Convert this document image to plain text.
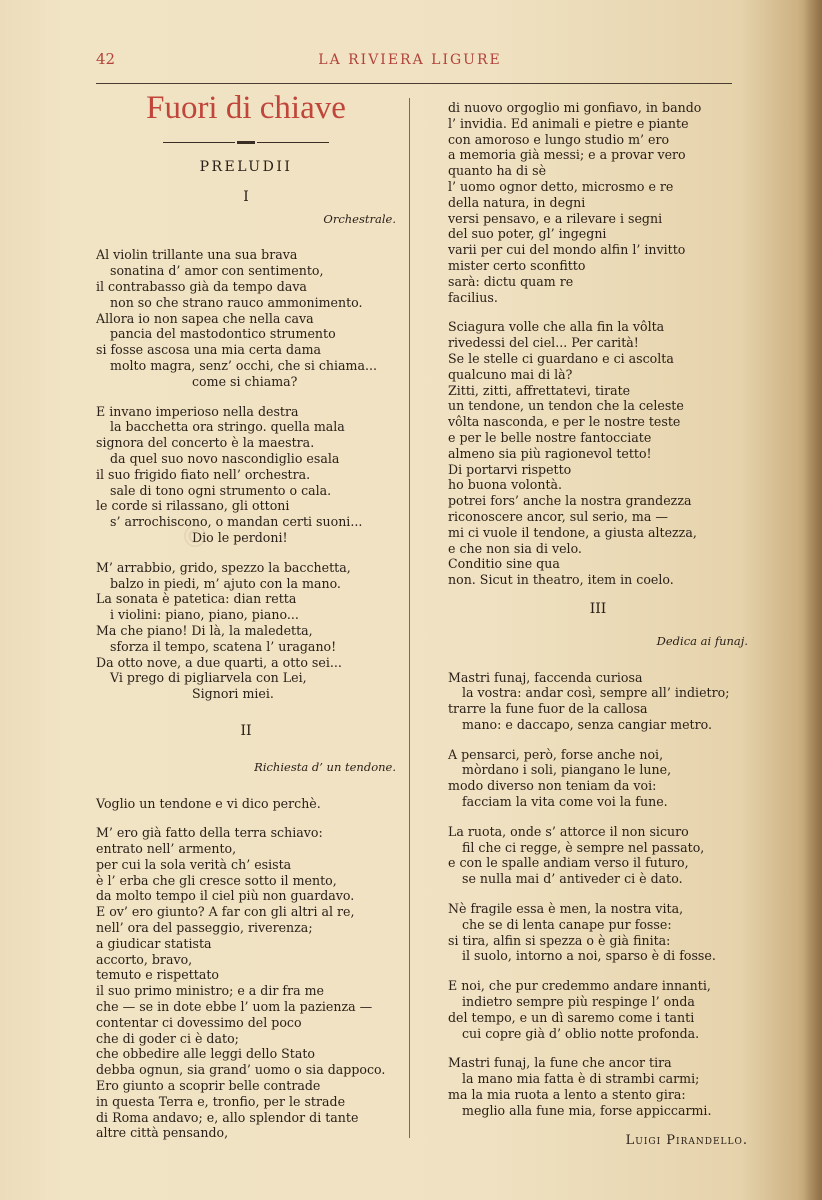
42	LA RIVIERA LIGURE
Fuori di chiave
PRELUDII
I
Orchestrale.
Al violin trillante una sua brava
sonatina d’ amor con sentimento,
il contrabasso già da tempo dava
non so che strano rauco ammonimento.
Allora io non sapea che nella cava
pancia del mastodontico strumento
si fosse ascosa una mia certa dama
molto magra, senz’ occhi, che si chiama...
come si chiama?
E invano imperioso nella destra
la bacchetta ora stringo. quella mala
signora del concerto è la maestra.
da quel suo novo nascondiglio esala
il suo frigido fiato nell’ orchestra.
sale di tono ogni strumento o cala.
le corde si rilassano, gli ottoni
s’ arrochiscono, o mandan certi suoni...
Dio le perdoni!
M’ arrabbio, grido, spezzo la bacchetta,
balzo in piedi, m’ ajuto con la mano.
La sonata è patetica: dian retta
i violini: piano, piano, piano...
Ma che piano! Di là, la maledetta,
sforza il tempo, scatena l’ uragano!
Da otto nove, a due quarti, a otto sei...
Vi prego di pigliarvela con Lei,
Signori miei.
II
Richiesta d’ un tendone.
Voglio un tendone e vi dico perchè.
M’ ero già fatto della terra schiavo:
entrato nell’ armento,
per cui la sola verità ch’ esista
è l’ erba che gli cresce sotto il mento,
da molto tempo il ciel più non guardavo.
E ov’ ero giunto? A far con gli altri al re,
nell’ ora del passeggio, riverenza;
a giudicar statista
accorto, bravo,
temuto e rispettato
il suo primo ministro; e a dir fra me
che — se in dote ebbe l’ uom la pazienza —
contentar ci dovessimo del poco
che di goder ci è dato;
che obbedire alle leggi dello Stato
debba ognun, sia grand’ uomo o sia dappoco.
Ero giunto a scoprir belle contrade
in questa Terra e, tronfio, per le strade
di Roma andavo; e, allo splendor di tante
altre città pensando,
di nuovo orgoglio mi gonfiavo, in bando
l’ invidia. Ed animali e pietre e piante
con amoroso e lungo studio m’ ero
a memoria già messi; e a provar vero
quanto ha di sè
l’ uomo ognor detto, microsmo e re
della natura, in degni
versi pensavo, e a rilevare i segni
del suo poter, gl’ ingegni
varii per cui del mondo alfin l’ invitto
mister certo sconfitto
sarà: dictu quam re
facilius.
Sciagura volle che alla fin la vôlta
rivedessi del ciel... Per carità!
Se le stelle ci guardano e ci ascolta
qualcuno mai di là?
Zitti, zitti, affrettatevi, tirate
un tendone, un tendon che la celeste
vôlta nasconda, e per le nostre teste
e per le belle nostre fantocciate
almeno sia più ragionevol tetto!
Di portarvi rispetto
ho buona volontà.
potrei fors’ anche la nostra grandezza
riconoscere ancor, sul serio, ma —
mi ci vuole il tendone, a giusta altezza,
e che non sia di velo.
Conditio sine qua
non. Sicut in theatro, item in coelo.
III
Dedica ai funaj.
Mastri funaj, faccenda curiosa
la vostra: andar così, sempre all’ indietro;
trarre la fune fuor de la callosa
mano: e daccapo, senza cangiar metro.
A pensarci, però, forse anche noi,
mòrdano i soli, piangano le lune,
modo diverso non teniam da voi:
facciam la vita come voi la fune.
La ruota, onde s’ attorce il non sicuro
fil che ci regge, è sempre nel passato,
e con le spalle andiam verso il futuro,
se nulla mai d’ antiveder ci è dato.
Nè fragile essa è men, la nostra vita,
che se di lenta canape pur fosse:
si tira, alfin si spezza o è già finita:
il suolo, intorno a noi, sparso è di fosse.
E noi, che pur credemmo andare innanti,
indietro sempre più respinge l’ onda
del tempo, e un dì saremo come i tanti
cui copre già d’ oblio notte profonda.
Mastri funaj, la fune che ancor tira
la mano mia fatta è di strambi carmi;
ma la mia ruota a lento a stento gira:
meglio alla fune mia, forse appiccarmi.
Luigi Pirandello.
©
